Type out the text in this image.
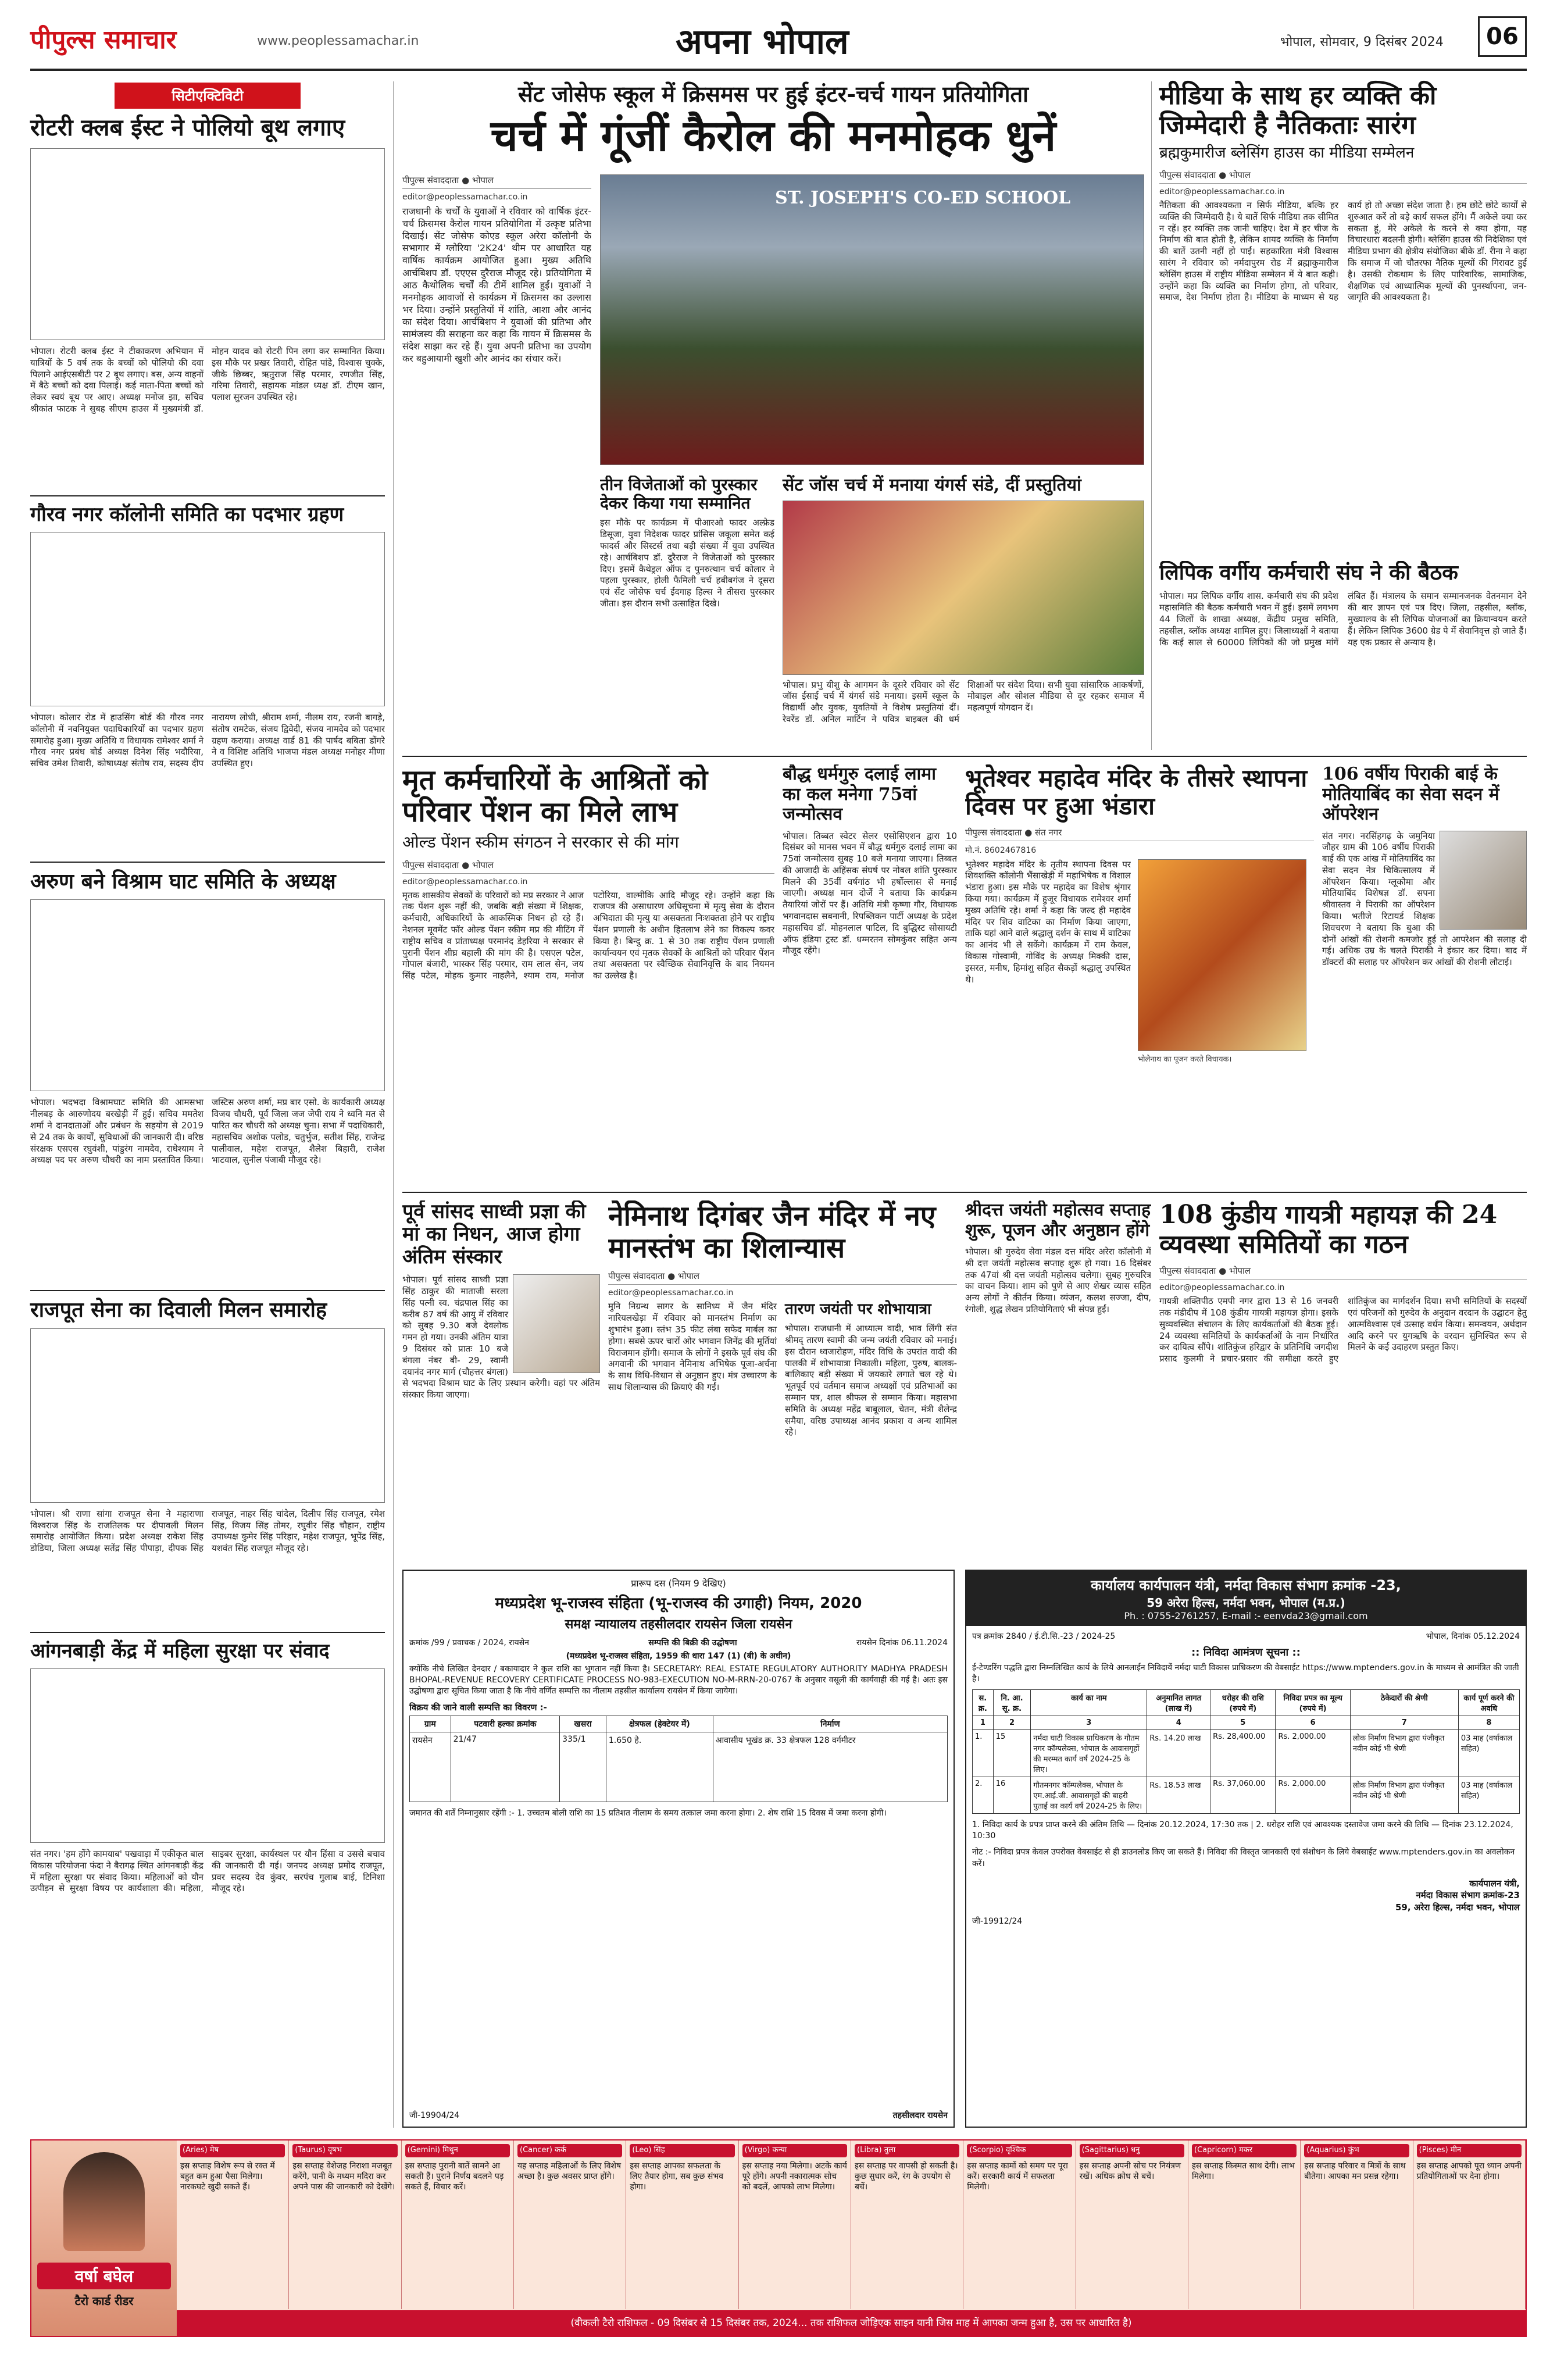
पीपुल्स समाचार	www.peoplessamachar.in	अपना भोपाल	भोपाल, सोमवार, 9 दिसंबर 2024	06
सिटीएक्टिविटी
रोटरी क्लब ईस्ट ने पोलियो बूथ लगाए
भोपाल। रोटरी क्लब ईस्ट ने टीकाकरण अभियान में यात्रियों के 5 वर्ष तक के बच्चों को पोलियो की दवा पिलाने आईएसबीटी पर 2 बूथ लगाए। बस, अन्य वाहनों में बैठे बच्चों को दवा पिलाई। कई माता-पिता बच्चों को लेकर स्वयं बूथ पर आए। अध्यक्ष मनोज झा, सचिव श्रीकांत फाटक ने सुबह सीएम हाउस में मुख्यमंत्री डॉ. मोहन यादव को रोटरी पिन लगा कर सम्मानित किया। इस मौके पर प्रखर तिवारी, रोहित पांडे, विश्वास चुक्के, जीके छिब्बर, ऋतुराज सिंह परमार, रणजीत सिंह, गरिमा तिवारी, सहायक मांडल ध्यक्ष डॉ. टीएम खान, पलाश सुरजन उपस्थित रहे।
गौरव नगर कॉलोनी समिति का पदभार ग्रहण
भोपाल। कोलार रोड में हाउसिंग बोर्ड की गौरव नगर कॉलोनी में नवनियुक्त पदाधिकारियों का पदभार ग्रहण समारोह हुआ। मुख्य अतिथि व विधायक रामेश्वर शर्मा ने गौरव नगर प्रबंध बोर्ड अध्यक्ष दिनेश सिंह भदौरिया, सचिव उमेश तिवारी, कोषाध्यक्ष संतोष राय, सदस्य दीप नारायण लोधी, श्रीराम शर्मा, नीलम राय, रजनी बागड़े, संतोष रामटेक, संजय द्विवेदी, संजय नामदेव को पदभार ग्रहण कराया। अध्यक्ष वार्ड 81 की पार्षद बबिता डोंगरे ने व विशिष्ट अतिथि भाजपा मंडल अध्यक्ष मनोहर मीणा उपस्थित हुए।
अरुण बने विश्राम घाट समिति के अध्यक्ष
भोपाल। भदभदा विश्रामघाट समिति की आमसभा नीलबड़ के आरुणोदय बरखेड़ी में हुई। सचिव ममतेश शर्मा ने दानदाताओं और प्रबंधन के सहयोग से 2019 से 24 तक के कार्यों, सुविधाओं की जानकारी दी। वरिष्ठ संरक्षक एसएस रघुवंशी, पांडुरंग नामदेव, राधेश्याम ने अध्यक्ष पद पर अरुण चौधरी का नाम प्रस्तावित किया। जस्टिस अरुण शर्मा, मप्र बार एसो. के कार्यकारी अध्यक्ष विजय चौधरी, पूर्व जिला जज जेपी राय ने ध्वनि मत से पारित कर चौधरी को अध्यक्ष चुना। सभा में पदाधिकारी, महासचिव अशोक पलोड, चतुर्भुज, सतीश सिंह, राजेन्द्र पालीवाल, महेश राजपूत, शैलेश बिहारी, राजेश भाटवाल, सुनील पंजाबी मौजूद रहे।
राजपूत सेना का दिवाली मिलन समारोह
भोपाल। श्री राणा सांगा राजपूत सेना ने महाराणा विश्वराज सिंह के राजतिलक पर दीपावली मिलन समारोह आयोजित किया। प्रदेश अध्यक्ष राकेश सिंह डोडिया, जिला अध्यक्ष सतेंद्र सिंह पीपाड़ा, दीपक सिंह राजपूत, नाहर सिंह चांदेल, दिलीप सिंह राजपूत, रमेश सिंह, विजय सिंह तोमर, रघुवीर सिंह चौहान, राष्ट्रीय उपाध्यक्ष कुमेर सिंह परिहार, महेश राजपूत, भूपेंद्र सिंह, यशवंत सिंह राजपूत मौजूद रहे।
आंगनबाड़ी केंद्र में महिला सुरक्षा पर संवाद
संत नगर। 'हम होंगे कामयाब' पखवाड़ा में एकीकृत बाल विकास परियोजना फंदा ने बैरागढ़ स्थित आंगनबाड़ी केंद्र में महिला सुरक्षा पर संवाद किया। महिलाओं को यौन उत्पीड़न से सुरक्षा विषय पर कार्यशाला की। महिला, साइबर सुरक्षा, कार्यस्थल पर यौन हिंसा व उससे बचाव की जानकारी दी गई। जनपद अध्यक्ष प्रमोद राजपूत, प्रवर सदस्य देव कुंवर, सरपंच गुलाब बाई, टिनिशा मौजूद रहे।
सेंट जोसेफ स्कूल में क्रिसमस पर हुई इंटर-चर्च गायन प्रतियोगिता
चर्च में गूंजीं कैरोल की मनमोहक धुनें
पीपुल्स संवाददाता ● भोपाल
editor@peoplessamachar.co.in
राजधानी के चर्चों के युवाओं ने रविवार को वार्षिक इंटर-चर्च क्रिसमस कैरोल गायन प्रतियोगिता में उत्कृष्ट प्रतिभा दिखाई। सेंट जोसेफ कोएड स्कूल अरेरा कॉलोनी के सभागार में ग्लोरिया '2K24' थीम पर आधारित यह वार्षिक कार्यक्रम आयोजित हुआ। मुख्य अतिथि आर्चबिशप डॉ. एएएस दुरैराज मौजूद रहे। प्रतियोगिता में आठ कैथोलिक चर्चों की टीमें शामिल हुईं। युवाओं ने मनमोहक आवाजों से कार्यक्रम में क्रिसमस का उल्लास भर दिया। उन्होंने प्रस्तुतियों में शांति, आशा और आनंद का संदेश दिया। आर्चबिशप ने युवाओं की प्रतिभा और सामंजस्य की सराहना कर कहा कि गायन में क्रिसमस के संदेश साझा कर रहे हैं। युवा अपनी प्रतिभा का उपयोग कर बहुआयामी खुशी और आनंद का संचार करें।
ST. JOSEPH'S CO-ED SCHOOL
तीन विजेताओं को पुरस्कार देकर किया गया सम्मानित
इस मौके पर कार्यक्रम में पीआरओ फादर अल्फ्रेड डिसूजा, युवा निदेशक फादर प्रांसिस जकूला समेत कई फादर्स और सिस्टर्स तथा बड़ी संख्या में युवा उपस्थित रहे। आर्चबिशप डॉ. दुरैराज ने विजेताओं को पुरस्कार दिए। इसमें कैथेड्रल ऑफ द पुनरुत्थान चर्च कोलार ने पहला पुरस्कार, होली फैमिली चर्च हबीबगंज ने दूसरा एवं सेंट जोसेफ चर्च ईदगाह हिल्स ने तीसरा पुरस्कार जीता। इस दौरान सभी उत्साहित दिखे।
सेंट जॉस चर्च में मनाया यंगर्स संडे, दीं प्रस्तुतियां
भोपाल। प्रभु यीशु के आगमन के दूसरे रविवार को सेंट जॉस ईसाई चर्च में यंगर्स संडे मनाया। इसमें स्कूल के विद्यार्थी और युवक, युवतियों ने विशेष प्रस्तुतियां दीं। रेवरेंड डॉ. अनिल मार्टिन ने पवित्र बाइबल की धर्म शिक्षाओं पर संदेश दिया। सभी युवा सांसारिक आकर्षणों, मोबाइल और सोशल मीडिया से दूर रहकर समाज में महत्वपूर्ण योगदान दें।
मीडिया के साथ हर व्यक्ति की जिम्मेदारी है नैतिकताः सारंग
ब्रह्मकुमारीज ब्लेसिंग हाउस का मीडिया सम्मेलन
पीपुल्स संवाददाता ● भोपाल
editor@peoplessamachar.co.in
नैतिकता की आवश्यकता न सिर्फ मीडिया, बल्कि हर व्यक्ति की जिम्मेदारी है। ये बातें सिर्फ मीडिया तक सीमित न रहें। हर व्यक्ति तक जानी चाहिए। देश में हर चीज के निर्माण की बात होती है, लेकिन शायद व्यक्ति के निर्माण की बातें उतनी नहीं हो पाईं। सहकारिता मंत्री विश्वास सारंग ने रविवार को नर्मदापुरम रोड में ब्रह्माकुमारीज ब्लेसिंग हाउस में राष्ट्रीय मीडिया सम्मेलन में ये बात कही। उन्होंने कहा कि व्यक्ति का निर्माण होगा, तो परिवार, समाज, देश निर्माण होता है। मीडिया के माध्यम से यह कार्य हो तो अच्छा संदेश जाता है। हम छोटे छोटे कार्यों से शुरुआत करें तो बड़े कार्य सफल होंगे। मैं अकेले क्या कर सकता हूं, मेरे अकेले के करने से क्या होगा, यह विचारधारा बदलनी होगी। ब्लेसिंग हाउस की निदेशिका एवं मीडिया प्रभाग की क्षेत्रीय संयोजिका बीके डॉ. रीना ने कहा कि समाज में जो चौतरफा नैतिक मूल्यों की गिरावट हुई है। उसकी रोकथाम के लिए पारिवारिक, सामाजिक, शैक्षणिक एवं आध्यात्मिक मूल्यों की पुनर्स्थापना, जन-जागृति की आवश्यकता है।
लिपिक वर्गीय कर्मचारी संघ ने की बैठक
भोपाल। मप्र लिपिक वर्गीय शास. कर्मचारी संघ की प्रदेश महासमिति की बैठक कर्मचारी भवन में हुई। इसमें लगभग 44 जिलों के शाखा अध्यक्ष, केंद्रीय प्रमुख समिति, तहसील, ब्लॉक अध्यक्ष शामिल हुए। जिलाध्यक्षों ने बताया कि कई साल से 60000 लिपिकों की जो प्रमुख मांगें लंबित हैं। मंत्रालय के समान सम्मानजनक वेतनमान देने की बार ज्ञापन एवं पत्र दिए। जिला, तहसील, ब्लॉक, मुख्यालय के सी लिपिक योजनाओं का क्रियान्वयन करते हैं। लेकिन लिपिक 3600 ग्रेड पे में सेवानिवृत्त हो जाते हैं। यह एक प्रकार से अन्याय है।
मृत कर्मचारियों के आश्रितों को परिवार पेंशन का मिले लाभ
ओल्ड पेंशन स्कीम संगठन ने सरकार से की मांग
पीपुल्स संवाददाता ● भोपाल
editor@peoplessamachar.co.in
मृतक शासकीय सेवकों के परिवारों को मप्र सरकार ने आज तक पेंशन शुरू नहीं की, जबकि बड़ी संख्या में शिक्षक, कर्मचारी, अधिकारियों के आकस्मिक निधन हो रहे हैं। नेशनल मूवमेंट फॉर ओल्ड पेंशन स्कीम मप्र की मीटिंग में राष्ट्रीय सचिव व प्रांताध्यक्ष परमानंद डेहरिया ने सरकार से पुरानी पेंशन शीघ्र बहाली की मांग की है। एसएल पटेल, गोपाल बंजारी, भास्कर सिंह परमार, राम लाल सेन, जय सिंह पटेल, मोहक कुमार नाहलैने, श्याम राय, मनोज पटोरिया, वाल्मीकि आदि मौजूद रहे। उन्होंने कहा कि राजपत्र की असाधारण अधिसूचना में मृत्यु सेवा के दौरान अभिदाता की मृत्यु या असक्तता निःशक्तता होने पर राष्ट्रीय पेंशन प्रणाली के अधीन हितलाभ लेने का विकल्प कवर किया है। बिन्दु क्र. 1 से 30 तक राष्ट्रीय पेंशन प्रणाली कार्यान्वयन एवं मृतक सेवकों के आश्रितों को परिवार पेंशन तथा असक्तता पर स्वैच्छिक सेवानिवृत्ति के बाद नियमन का उल्लेख है।
बौद्ध धर्मगुरु दलाई लामा का कल मनेगा 75वां जन्मोत्सव
भोपाल। तिब्बत स्वेटर सेलर एसोसिएशन द्वारा 10 दिसंबर को मानस भवन में बौद्ध धर्मगुरु दलाई लामा का 75वां जन्मोत्सव सुबह 10 बजे मनाया जाएगा। तिब्बत की आजादी के अहिंसक संघर्ष पर नोबल शांति पुरस्कार मिलने की 35वीं वर्षगांठ भी हर्षोल्लास से मनाई जाएगी। अध्यक्ष मान दोर्जे ने बताया कि कार्यक्रम तैयारियां जोरों पर हैं। अतिथि मंत्री कृष्णा गौर, विधायक भगवानदास सबनानी, रिपब्लिकन पार्टी अध्यक्ष के प्रदेश महासचिव डॉ. मोहनलाल पाटिल, दि बुद्धिस्ट सोसायटी ऑफ इंडिया ट्रस्ट डॉ. धम्मरतन सोमकुंवर सहित अन्य मौजूद रहेंगे।
भूतेश्वर महादेव मंदिर के तीसरे स्थापना दिवस पर हुआ भंडारा
पीपुल्स संवाददाता ● संत नगर
मो.नं. 8602467816
भूतेश्वर महादेव मंदिर के तृतीय स्थापना दिवस पर शिवशक्ति कॉलोनी भैंसाखेड़ी में महाभिषेक व विशाल भंडारा हुआ। इस मौके पर महादेव का विशेष श्रृंगार किया गया। कार्यक्रम में हुजूर विधायक रामेश्वर शर्मा मुख्य अतिथि रहे। शर्मा ने कहा कि जल्द ही महादेव मंदिर पर शिव वाटिका का निर्माण किया जाएगा, ताकि यहां आने वाले श्रद्धालु दर्शन के साथ में वाटिका का आनंद भी ले सकेंगे। कार्यक्रम में राम केवल, विकास गोस्वामी, गोविंद के अध्यक्ष मिक्की दास, इसरत, मनीष, हिमांशु सहित सैकड़ों श्रद्धालु उपस्थित थे।
भोलेनाथ का पूजन करते विधायक।
106 वर्षीय पिराकी बाई के मोतियाबिंद का सेवा सदन में ऑपरेशन
संत नगर। नरसिंहगढ़ के जमुनिया जौहर ग्राम की 106 वर्षीय पिराकी बाई की एक आंख में मोतियाबिंद का सेवा सदन नेत्र चिकित्सालय में ऑपरेशन किया। ग्लूकोमा और मोतियाबिंद विशेषज्ञ डॉ. सपना श्रीवास्तव ने पिराकी का ऑपरेशन किया। भतीजे रिटायर्ड शिक्षक शिवचरण ने बताया कि बुआ की दोनों आंखों की रोशनी कमजोर हुई तो आपरेशन की सलाह दी गई। अधिक उम्र के चलते पिराकी ने इंकार कर दिया। बाद में डॉक्टरों की सलाह पर ऑपरेशन कर आंखों की रोशनी लौटाई।
पूर्व सांसद साध्वी प्रज्ञा की मां का निधन, आज होगा अंतिम संस्कार
भोपाल। पूर्व सांसद साध्वी प्रज्ञा सिंह ठाकुर की माताजी सरला सिंह पत्नी स्व. चंद्रपाल सिंह का करीब 87 वर्ष की आयु में रविवार को सुबह 9.30 बजे देवलोक गमन हो गया। उनकी अंतिम यात्रा 9 दिसंबर को प्रातः 10 बजे बंगला नंबर बी- 29, स्वामी दयानंद नगर मार्ग (चौहत्तर बंगला) से भदभदा विश्राम घाट के लिए प्रस्थान करेगी। वहां पर अंतिम संस्कार किया जाएगा।
नेमिनाथ दिगंबर जैन मंदिर में नए मानस्तंभ का शिलान्यास
पीपुल्स संवाददाता ● भोपाल
editor@peoplessamachar.co.in
मुनि निग्रन्थ सागर के सानिध्य में जैन मंदिर नारियलखेड़ा में रविवार को मानस्तंभ निर्माण का शुभारंभ हुआ। स्तंभ 35 फीट लंबा सफेद मार्बल का होगा। सबसे ऊपर चारों ओर भगवान जिनेंद्र की मूर्तियां विराजमान होंगी। समाज के लोगों ने इसके पूर्व संघ की अगवानी की भगवान नेमिनाथ अभिषेक पूजा-अर्चना के साथ विधि-विधान से अनुष्ठान हुए। मंत्र उच्चारण के साथ शिलान्यास की क्रियाएं की गईं।
तारण जयंती पर शोभायात्रा
भोपाल। राजधानी में आध्यात्म वादी, भाव लिंगी संत श्रीमद् तारण स्वामी की जन्म जयंती रविवार को मनाई। इस दौरान ध्वजारोहण, मंदिर विधि के उपरांत वादी की पालकी में शोभायात्रा निकाली। महिला, पुरुष, बालक-बालिकाए बड़ी संख्या में जयकारे लगाते चल रहे थे। भूतपूर्व एवं वर्तमान समाज अध्यक्षों एवं प्रतिभाओं का सम्मान पत्र, शाल श्रीफल से सम्मान किया। महासभा समिति के अध्यक्ष महेंद्र बाबूलाल, चेतन, मंत्री शैलेन्द्र समैया, वरिष्ठ उपाध्यक्ष आनंद प्रकाश व अन्य शामिल रहे।
श्रीदत्त जयंती महोत्सव सप्ताह शुरू, पूजन और अनुष्ठान होंगे
भोपाल। श्री गुरुदेव सेवा मंडल दत्त मंदिर अरेरा कॉलोनी में श्री दत्त जयंती महोत्सव सप्ताह शुरू हो गया। 16 दिसंबर तक 47वां श्री दत्त जयंती महोत्सव चलेगा। सुबह गुरुचरित्र का वाचन किया। शाम को पुणे से आए शेखर व्यास सहित अन्य लोगों ने कीर्तन किया। व्यंजन, कलश सज्जा, दीप, रंगोली, शुद्ध लेखन प्रतियोगिताएं भी संपन्न हुईं।
108 कुंडीय गायत्री महायज्ञ की 24 व्यवस्था समितियों का गठन
पीपुल्स संवाददाता ● भोपाल
editor@peoplessamachar.co.in
गायत्री शक्तिपीठ एमपी नगर द्वारा 13 से 16 जनवरी तक मंडीदीप में 108 कुंडीय गायत्री महायज्ञ होगा। इसके सुव्यवस्थित संचालन के लिए कार्यकर्ताओं की बैठक हुई। 24 व्यवस्था समितियों के कार्यकर्ताओं के नाम निर्धारित कर दायित्व सौंपे। शांतिकुंज हरिद्वार के प्रतिनिधि जगदीश प्रसाद कुलमी ने प्रचार-प्रसार की समीक्षा करते हुए शांतिकुंज का मार्गदर्शन दिया। सभी समितियों के सदस्यों एवं परिजनों को गुरुदेव के अनुदान वरदान के उद्घाटन हेतु आत्मविश्वास एवं उत्साह वर्धन किया। समन्वयन, अर्थदान आदि करने पर युगऋषि के वरदान सुनिश्चित रूप से मिलने के कई उदाहरण प्रस्तुत किए।
प्रारूप दस (नियम 9 देखिए)
मध्यप्रदेश भू-राजस्व संहिता (भू-राजस्व की उगाही) नियम, 2020
समक्ष न्यायालय तहसीलदार रायसेन जिला रायसेन
क्रमांक /99 / प्रवाचक / 2024, रायसेन	सम्पत्ति की बिक्री की उद्घोषणा	रायसेन दिनांक 06.11.2024
(मध्यप्रदेश भू-राजस्व संहिता, 1959 की धारा 147 (1) (बी) के अधीन)
क्योंकि नीचे लिखित देनदार / बकायादार ने कुल राशि का भुगतान नहीं किया है। SECRETARY: REAL ESTATE REGULATORY AUTHORITY MADHYA PRADESH BHOPAL-REVENUE RECOVERY CERTIFICATE PROCESS NO-983-EXECUTION NO-M-RRN-20-0767 के अनुसार वसूली की कार्यवाही की गई है। अतः इस उद्घोषणा द्वारा सूचित किया जाता है कि नीचे वर्णित सम्पत्ति का नीलाम तहसील कार्यालय रायसेन में किया जायेगा।
विक्रय की जाने वाली सम्पत्ति का विवरण :-
ग्राम	पटवारी हल्का क्रमांक	खसरा	क्षेत्रफल (हेक्टेयर में)	निर्माण
रायसेन	21/47	335/1	1.650 हे.	आवासीय भूखंड क्र. 33 क्षेत्रफल 128 वर्गमीटर
जमानत की शर्तें निम्नानुसार रहेंगी :- 1. उच्चतम बोली राशि का 15 प्रतिशत नीलाम के समय तत्काल जमा करना होगा। 2. शेष राशि 15 दिवस में जमा करना होगी।
जी-19904/24	तहसीलदार रायसेन
कार्यालय कार्यपालन यंत्री, नर्मदा विकास संभाग क्रमांक -23,
59 अरेरा हिल्स, नर्मदा भवन, भोपाल (म.प्र.)
Ph. : 0755-2761257, E-mail :- eenvda23@gmail.com
पत्र क्रमांक 2840 / ई.टी.सि.-23 / 2024-25	भोपाल, दिनांक 05.12.2024
:: निविदा आमंत्रण सूचना ::
ई-टेण्डरिंग पद्धति द्वारा निम्नलिखित कार्य के लिये आनलाईन निविदायें नर्मदा घाटी विकास प्राधिकरण की वेबसाईट https://www.mptenders.gov.in के माध्यम से आमंत्रित की जाती है।
स. क्र.	नि. आ. सू. क्र.	कार्य का नाम	अनुमानित लागत (लाख में)	धरोहर की राशि (रुपये में)	निविदा प्रपत्र का मूल्य (रुपये में)	ठेकेदारों की श्रेणी	कार्य पूर्ण करने की अवधि
1	2	3	4	5	6	7	8
1.	15	नर्मदा घाटी विकास प्राधिकरण के गौतम नगर कॉम्पलेक्स, भोपाल के आवासगृहों की मरम्मत कार्य वर्ष 2024-25 के लिए।	Rs. 14.20 लाख	Rs. 28,400.00	Rs. 2,000.00	लोक निर्माण विभाग द्वारा पंजीकृत नवीन कोई भी श्रेणी	03 माह (वर्षाकाल सहित)
2.	16	गौतमनगर कॉम्पलेक्स, भोपाल के एम.आई.जी. आवासगृहों की बाहरी पुताई का कार्य वर्ष 2024-25 के लिए।	Rs. 18.53 लाख	Rs. 37,060.00	Rs. 2,000.00	लोक निर्माण विभाग द्वारा पंजीकृत नवीन कोई भी श्रेणी	03 माह (वर्षाकाल सहित)
1. निविदा कार्य के प्रपत्र प्राप्त करने की अंतिम तिथि — दिनांक 20.12.2024, 17:30 तक | 2. धरोहर राशि एवं आवश्यक दस्तावेज जमा करने की तिथि — दिनांक 23.12.2024, 10:30
नोट :- निविदा प्रपत्र केवल उपरोक्त वेबसाईट से ही डाउनलोड किए जा सकते हैं। निविदा की विस्तृत जानकारी एवं संशोधन के लिये वेबसाईट www.mptenders.gov.in का अवलोकन करें।
कार्यपालन यंत्री,
नर्मदा विकास संभाग क्रमांक-23
59, अरेरा हिल्स, नर्मदा भवन, भोपाल
जी-19912/24
वर्षा बघेल
टैरो कार्ड रीडर
(Aries) मेष
इस सप्ताह विशेष रूप से रक्त में बहुत कम हुआ पैसा मिलेगा। नारकघटे खुदी सकते हैं।
(Taurus) वृषभ
इस सप्ताह वेशेजह निराशा मजबूत करेंगे, पानी के मध्यम मदिरा कर अपने पास की जानकारी को देखेंगे।
(Gemini) मिथुन
इस सप्ताह पुरानी बातें सामने आ सकती हैं। पुराने निर्णय बदलने पड़ सकते हैं, विचार करें।
(Cancer) कर्क
यह सप्ताह महिलाओं के लिए विशेष अच्छा है। कुछ अवसर प्राप्त होंगे।
(Leo) सिंह
इस सप्ताह आपका सफलता के लिए तैयार होगा, सब कुछ संभव होगा।
(Virgo) कन्या
इस सप्ताह नया मिलेगा। अटके कार्य पूरे होंगे। अपनी नकारात्मक सोच को बदलें, आपको लाभ मिलेगा।
(Libra) तुला
इस सप्ताह पर वापसी हो सकती है। कुछ सुधार करें, रंग के उपयोग से बचें।
(Scorpio) वृश्चिक
इस सप्ताह कामों को समय पर पूरा करें। सरकारी कार्य में सफलता मिलेगी।
(Sagittarius) धनु
इस सप्ताह अपनी सोच पर नियंत्रण रखें। अधिक क्रोध से बचें।
(Capricorn) मकर
इस सप्ताह किस्मत साथ देगी। लाभ मिलेगा।
(Aquarius) कुंभ
इस सप्ताह परिवार व मित्रों के साथ बीतेगा। आपका मन प्रसन्न रहेगा।
(Pisces) मीन
इस सप्ताह आपको पूरा ध्यान अपनी प्रतियोगिताओं पर देना होगा।
(वीकली टैरो राशिफल - 09 दिसंबर से 15 दिसंबर तक, 2024... तक राशिफल जोड़िएक साइन यानी जिस माह में आपका जन्म हुआ है, उस पर आधारित है)
